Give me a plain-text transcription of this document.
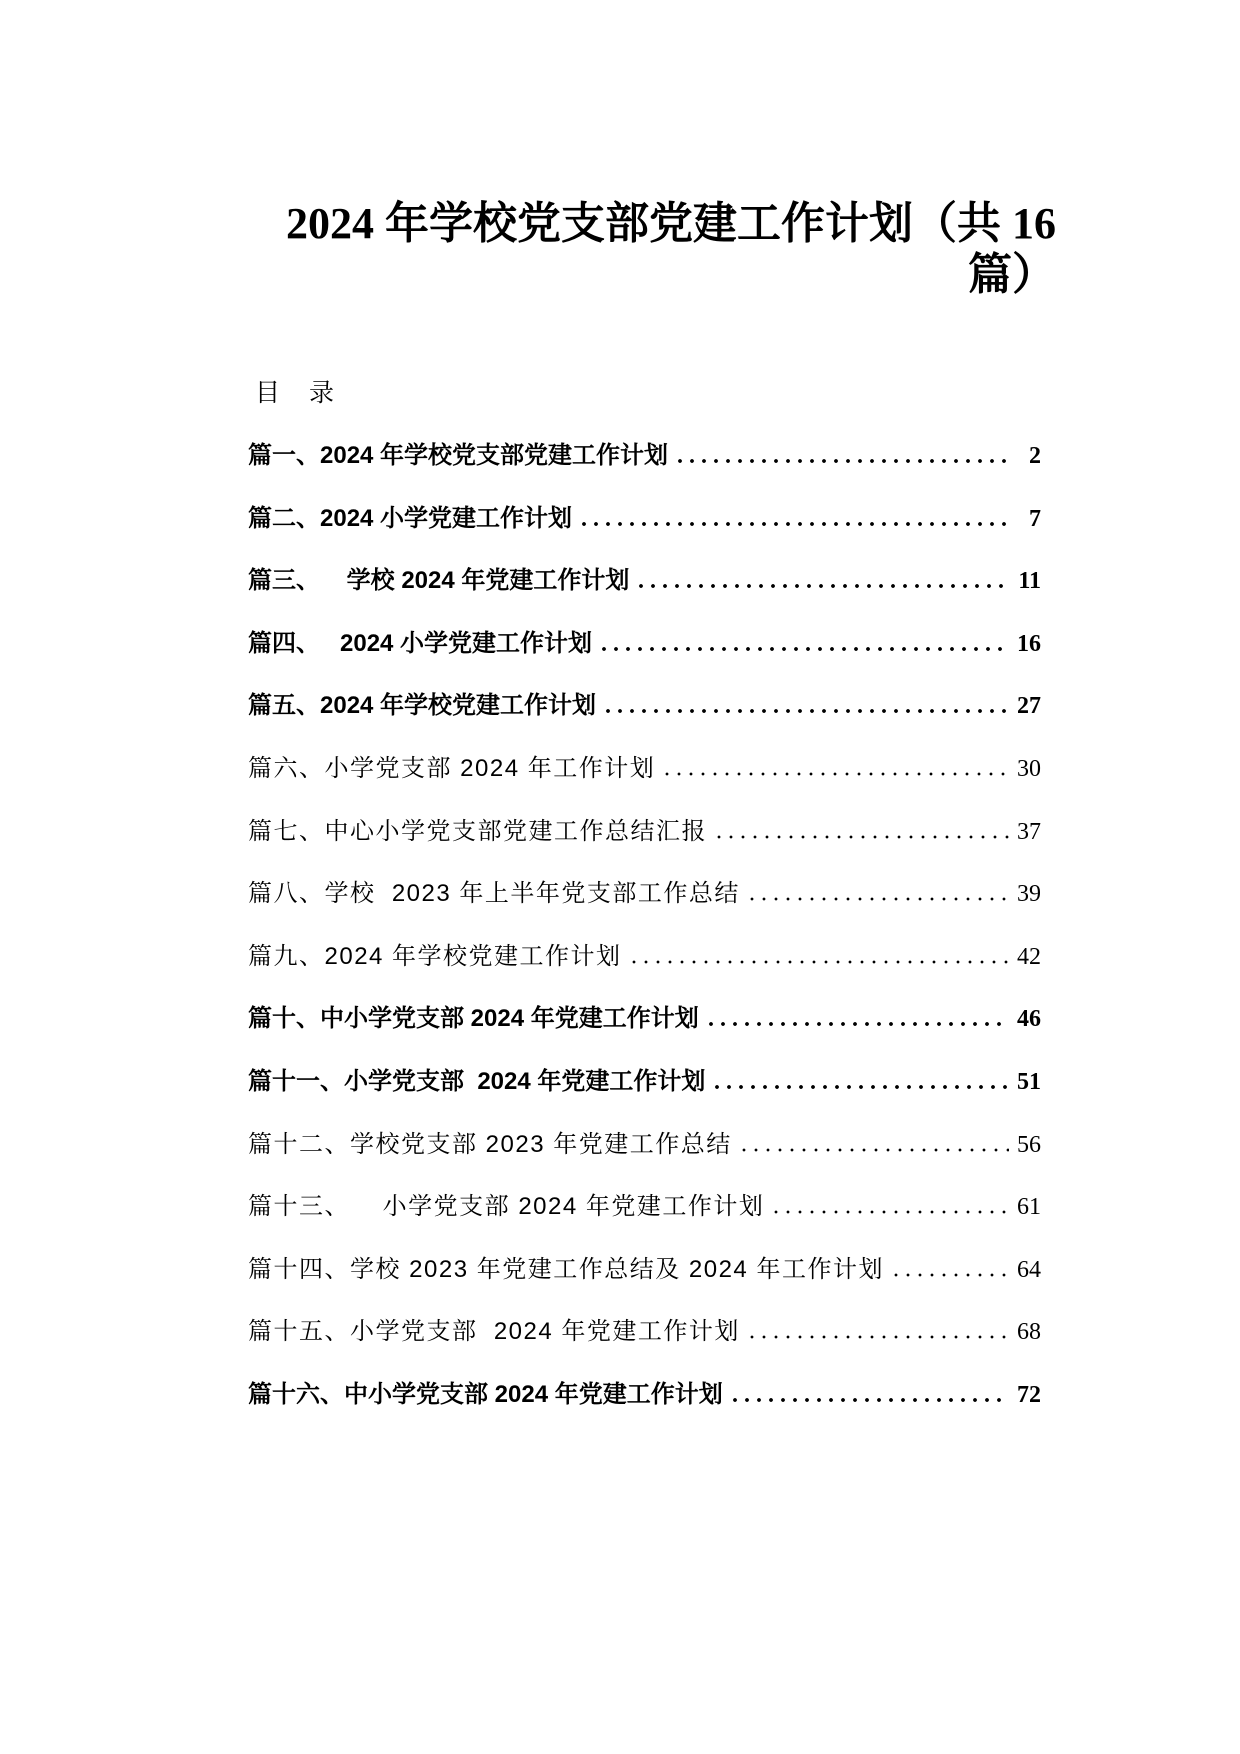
2024 年学校党支部党建工作计划（共 16
篇）
目 录
篇一、2024 年学校党支部党建工作计划	2
篇二、2024 小学党建工作计划	7
篇三、    学校 2024 年党建工作计划	11
篇四、   2024 小学党建工作计划	16
篇五、2024 年学校党建工作计划	27
篇六、小学党支部 2024 年工作计划	30
篇七、中心小学党支部党建工作总结汇报	37
篇八、学校  2023 年上半年党支部工作总结	39
篇九、2024 年学校党建工作计划	42
篇十、中小学党支部 2024 年党建工作计划	46
篇十一、小学党支部  2024 年党建工作计划	51
篇十二、学校党支部 2023 年党建工作总结	56
篇十三、    小学党支部 2024 年党建工作计划	61
篇十四、学校 2023 年党建工作总结及 2024 年工作计划	64
篇十五、小学党支部  2024 年党建工作计划	68
篇十六、中小学党支部 2024 年党建工作计划	72
